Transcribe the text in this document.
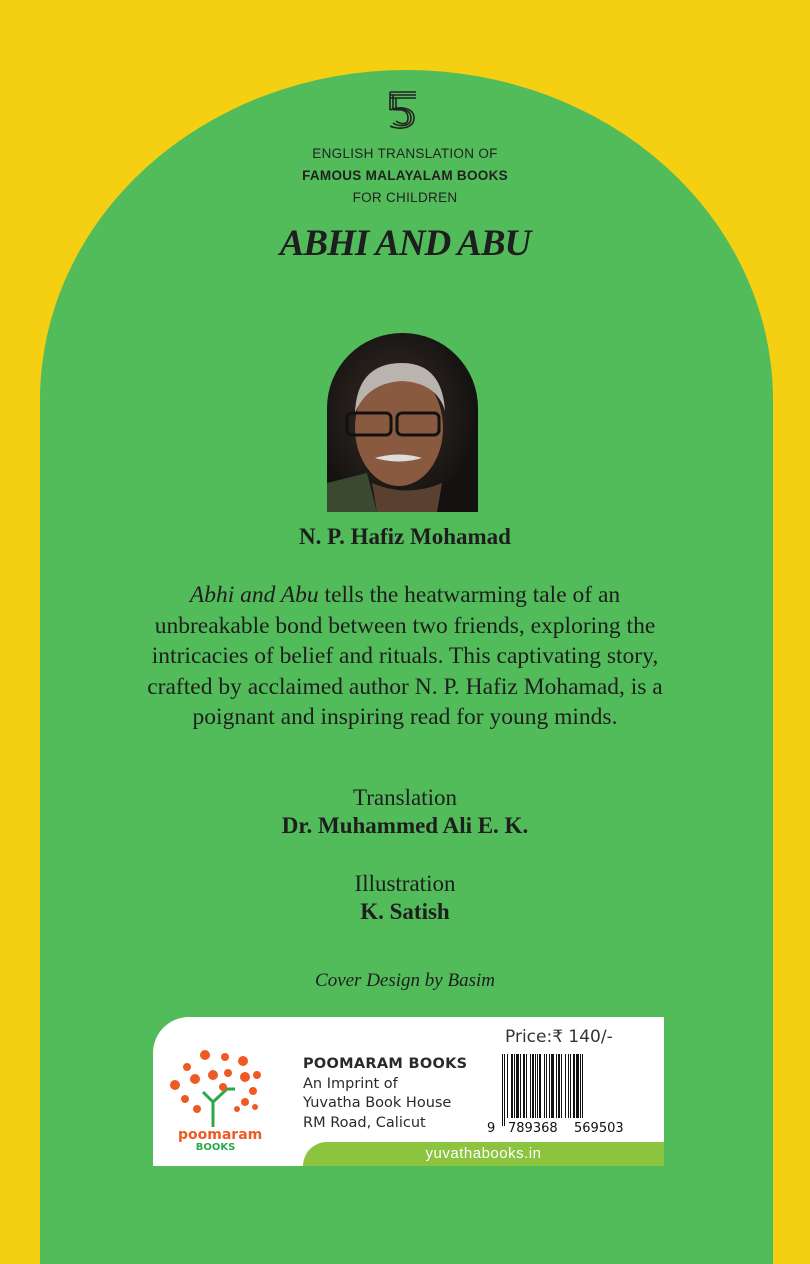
ENGLISH TRANSLATION OF
FAMOUS MALAYALAM BOOKS
FOR CHILDREN
ABHI AND ABU
N. P. Hafiz Mohamad
Abhi and Abu tells the heatwarming tale of an unbreakable bond between two friends, exploring the intricacies of belief and rituals. This captivating story, crafted by acclaimed author N. P. Hafiz Mohamad, is a poignant and inspiring read for young minds.
Translation
Dr. Muhammed Ali E. K.
Illustration
K. Satish
Cover Design by Basim
poomaram
BOOKS
POOMARAM BOOKS
An Imprint of
Yuvatha Book House
RM Road, Calicut
Price:₹ 140/-
9 789368 569503
yuvathabooks.in
